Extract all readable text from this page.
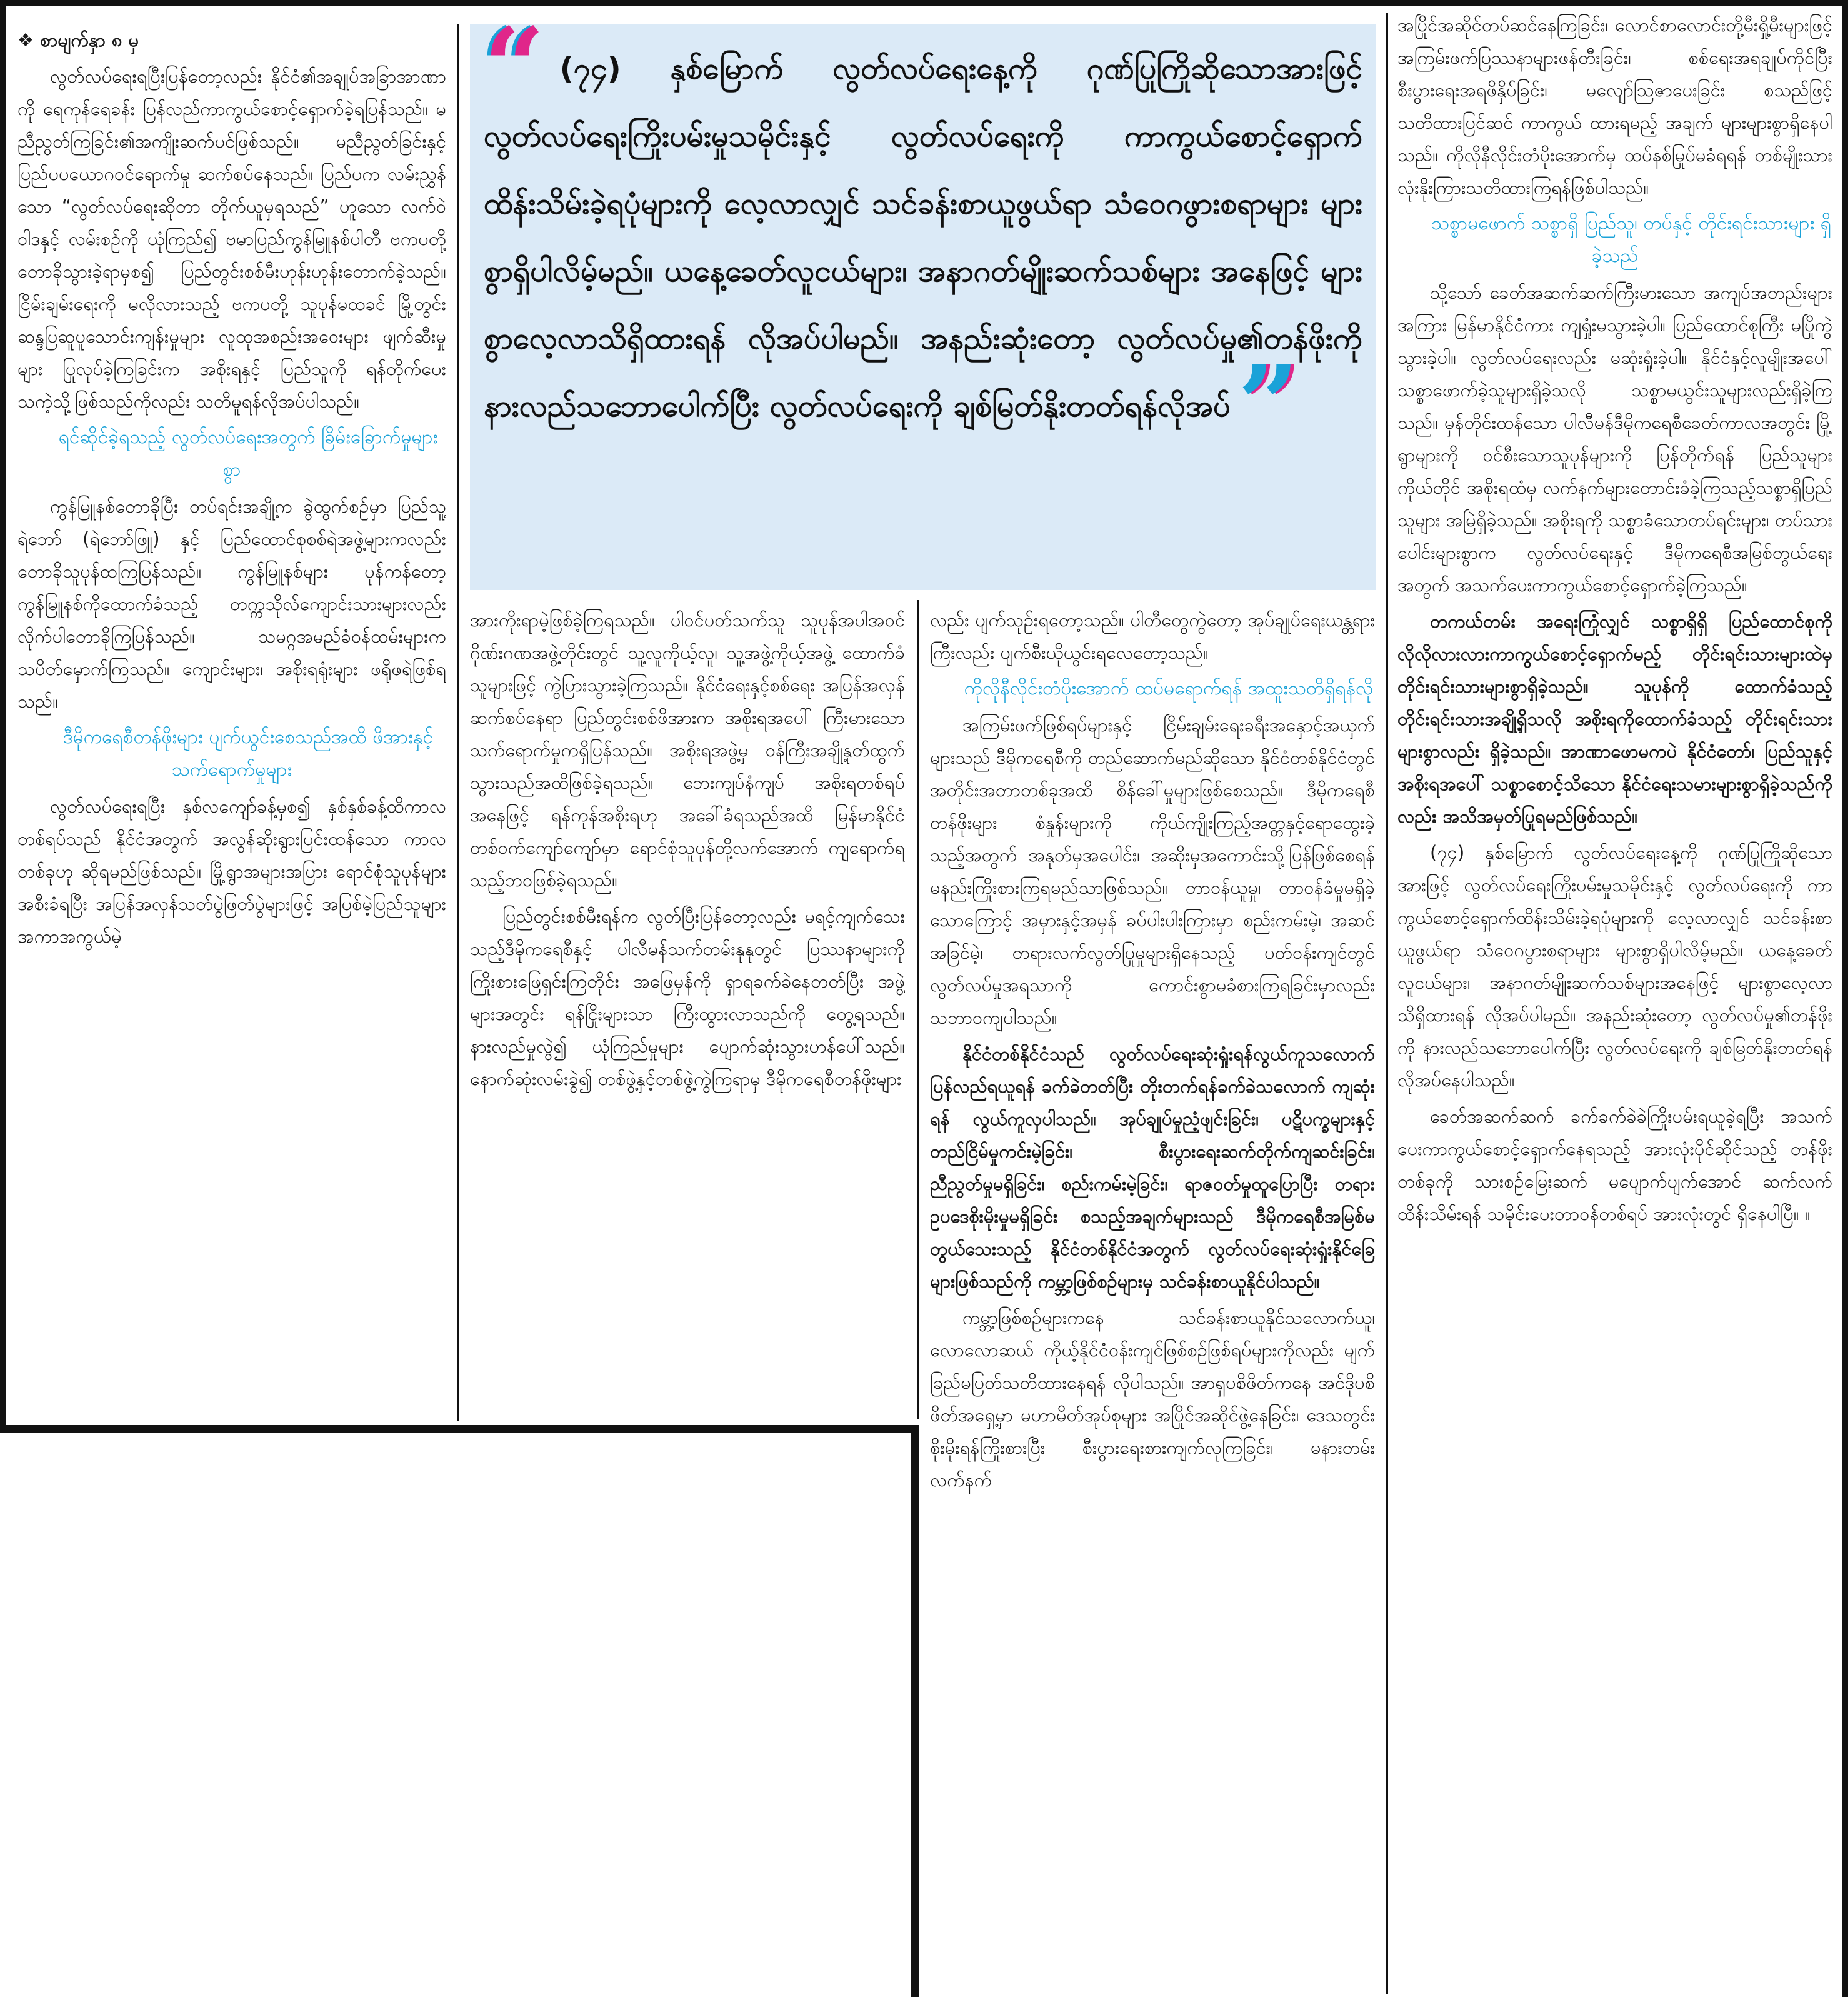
“ (၇၄) နှစ်မြောက် လွတ်လပ်ရေးနေ့ကို ဂုဏ်ပြုကြိုဆိုသောအားဖြင့် လွတ်လပ်ရေးကြိုးပမ်းမှုသမိုင်းနှင့် လွတ်လပ်ရေးကို ကာကွယ်စောင့်ရှောက်ထိန်းသိမ်းခဲ့ရပုံများကို လေ့လာလျှင် သင်ခန်းစာယူဖွယ်ရာ သံဝေဂဖွားစရာများ များစွာရှိပါလိမ့်မည်။ ယနေ့ခေတ်လူငယ်များ၊ အနာဂတ်မျိုးဆက်သစ်များ အနေဖြင့် များစွာလေ့လာသိရှိထားရန် လိုအပ်ပါမည်။ အနည်းဆုံးတော့ လွတ်လပ်မှု၏တန်ဖိုးကို နားလည်သဘောပေါက်ပြီး လွတ်လပ်ရေးကို ချစ်မြတ်နိုးတတ်ရန်လိုအပ်”

❖ စာမျက်နှာ ၈ မှ

လွတ်လပ်ရေးရပြီးပြန်တော့လည်း နိုင်ငံ၏အချုပ်အခြာအာဏာကို ရေကုန်ရေခန်း ပြန်လည်ကာကွယ်စောင့်ရှောက်ခဲ့ရပြန်သည်။ မညီညွတ်ကြခြင်း၏အကျိုးဆက်ပင်ဖြစ်သည်။ မညီညွတ်ခြင်းနှင့် ပြည်ပပယောဂဝင်ရောက်မှု ဆက်စပ်နေသည်။ ပြည်ပက လမ်းညွှန်သော “လွတ်လပ်ရေးဆိုတာ တိုက်ယူမှရသည်” ဟူသော လက်ဝဲဝါဒနှင့် လမ်းစဉ်ကို ယုံကြည်၍ ဗမာပြည်ကွန်မြူနစ်ပါတီ ဗကပတို့တောခိုသွားခဲ့ရာမှစ၍ ပြည်တွင်းစစ်မီးဟုန်းဟုန်းတောက်ခဲ့သည်။ ငြိမ်းချမ်းရေးကို မလိုလားသည့် ဗကပတို့ သူပုန်မထခင် မြို့တွင်းဆန္ဒပြဆူပူသောင်းကျန်းမှုများ လူထုအစည်းအဝေးများ ဖျက်ဆီးမှုများ ပြုလုပ်ခဲ့ကြခြင်းက အစိုးရနှင့် ပြည်သူကို ရန်တိုက်ပေးသကဲ့သို့ဖြစ်သည်ကိုလည်း သတိမူရန်လိုအပ်ပါသည်။

ရင်ဆိုင်ခဲ့ရသည့် လွတ်လပ်ရေးအတွက် ခြိမ်းခြောက်မှုများစွာ

ကွန်မြူနစ်တောခိုပြီး တပ်ရင်းအချို့က ခွဲထွက်စဉ်မှာ ပြည်သူ့ရဲဘော် (ရဲဘော်ဖြူ) နှင့် ပြည်ထောင်စုစစ်ရဲအဖွဲ့များကလည်း တောခိုသူပုန်ထကြပြန်သည်။ ကွန်မြူနစ်များ ပုန်ကန်တော့ ကွန်မြူနစ်ကိုထောက်ခံသည့် တက္ကသိုလ်ကျောင်းသားများလည်း လိုက်ပါတောခိုကြပြန်သည်။ သမဂ္ဂအမည်ခံဝန်ထမ်းများက သပိတ်မှောက်ကြသည်။ ကျောင်းများ၊ အစိုးရရုံးများ ဖရိုဖရဲဖြစ်ရသည်။

ဒီမိုကရေစီတန်ဖိုးများ ပျက်ယွင်းစေသည်အထိ ဖိအားနှင့်သက်ရောက်မှုများ

လွတ်လပ်ရေးရပြီး နှစ်လကျော်ခန့်မှစ၍ နှစ်နှစ်ခန့်ထိကာလတစ်ရပ်သည် နိုင်ငံအတွက် အလွန်ဆိုးရွားပြင်းထန်သော ကာလတစ်ခုဟု ဆိုရမည်ဖြစ်သည်။ မြို့ရွာအများအပြား ရောင်စုံသူပုန်များအစီးခံရပြီး အပြန်အလှန်သတ်ပွဲဖြတ်ပွဲများဖြင့် အပြစ်မဲ့ပြည်သူများ အကာအကွယ်မဲ့

အားကိုးရာမဲ့ဖြစ်ခဲ့ကြရသည်။ ပါဝင်ပတ်သက်သူ သူပုန်အပါအဝင် ဂိုဏ်းဂဏအဖွဲ့တိုင်းတွင် သူ့လူကိုယ့်လူ၊ သူ့အဖွဲ့ကိုယ့်အဖွဲ့ ထောက်ခံသူများဖြင့် ကွဲပြားသွားခဲ့ကြသည်။ နိုင်ငံရေးနှင့်စစ်ရေး အပြန်အလှန်ဆက်စပ်နေရာ ပြည်တွင်းစစ်ဖိအားက အစိုးရအပေါ် ကြီးမားသောသက်ရောက်မှုကရှိပြန်သည်။ အစိုးရအဖွဲ့မှ ဝန်ကြီးအချို့နုတ်ထွက်သွားသည်အထိဖြစ်ခဲ့ရသည်။ ဘေးကျပ်နံကျပ် အစိုးရတစ်ရပ်အနေဖြင့် ရန်ကုန်အစိုးရဟု အခေါ်ခံရသည်အထိ မြန်မာနိုင်ငံတစ်ဝက်ကျော်ကျော်မှာ ရောင်စုံသူပုန်တို့လက်အောက် ကျရောက်ရသည့်ဘဝဖြစ်ခဲ့ရသည်။

ပြည်တွင်းစစ်မီးရန်က လွတ်ပြီးပြန်တော့လည်း မရင့်ကျက်သေးသည့်ဒီမိုကရေစီနှင့် ပါလီမန်သက်တမ်းနုနုတွင် ပြဿနာများကို ကြိုးစားဖြေရှင်းကြတိုင်း အဖြေမှန်ကို ရှာရခက်ခဲနေတတ်ပြီး အဖွဲ့များအတွင်း ရန်ငြိုးများသာ ကြီးထွားလာသည်ကို တွေ့ရသည်။ နားလည်မှုလွဲ၍ ယုံကြည်မှုများ ပျောက်ဆုံးသွားဟန်ပေါ်သည်။ နောက်ဆုံးလမ်းခွဲ၍ တစ်ဖွဲ့နှင့်တစ်ဖွဲ့ကွဲကြရာမှ ဒီမိုကရေစီတန်ဖိုးများ

လည်း ပျက်သုဉ်းရတော့သည်။ ပါတီတွေကွဲတော့ အုပ်ချုပ်ရေးယန္တရားကြီးလည်း ပျက်စီးယိုယွင်းရလေတော့သည်။

ကိုလိုနီလိုင်းတံပိုးအောက် ထပ်မရောက်ရန် အထူးသတိရှိရန်လို

အကြမ်းဖက်ဖြစ်ရပ်များနှင့် ငြိမ်းချမ်းရေးခရီးအနှောင့်အယှက်များသည် ဒီမိုကရေစီကို တည်ဆောက်မည်ဆိုသော နိုင်ငံတစ်နိုင်ငံတွင် အတိုင်းအတာတစ်ခုအထိ စိန်ခေါ်မှုများဖြစ်စေသည်။ ဒီမိုကရေစီတန်ဖိုးများ စံနှုန်းများကို ကိုယ်ကျိုးကြည့်အတ္တနှင့်ရောထွေးခဲ့သည့်အတွက် အနုတ်မှအပေါင်း၊ အဆိုးမှအကောင်းသို့ပြန်ဖြစ်စေရန် မနည်းကြိုးစားကြရမည်သာဖြစ်သည်။ တာဝန်ယူမှု၊ တာဝန်ခံမှုမရှိခဲ့သောကြောင့် အမှားနှင့်အမှန် ခပ်ပါးပါးကြားမှာ စည်းကမ်းမဲ့၊ အဆင်အခြင်မဲ့၊ တရားလက်လွတ်ပြုမှုများရှိနေသည့် ပတ်ဝန်းကျင်တွင် လွတ်လပ်မှုအရသာကို ကောင်းစွာမခံစားကြရခြင်းမှာလည်း သဘာဝကျပါသည်။

နိုင်ငံတစ်နိုင်ငံသည် လွတ်လပ်ရေးဆုံးရှုံးရန်လွယ်ကူသလောက် ပြန်လည်ရယူရန် ခက်ခဲတတ်ပြီး တိုးတက်ရန်ခက်ခဲသလောက် ကျဆုံးရန် လွယ်ကူလှပါသည်။ အုပ်ချုပ်မှုညံ့ဖျင်းခြင်း၊ ပဋိပက္ခများနှင့် တည်ငြိမ်မှုကင်းမဲ့ခြင်း၊ စီးပွားရေးဆက်တိုက်ကျဆင်းခြင်း၊ ညီညွတ်မှုမရှိခြင်း၊ စည်းကမ်းမဲ့ခြင်း၊ ရာဇဝတ်မှုထူပြောပြီး တရားဥပဒေစိုးမိုးမှုမရှိခြင်း စသည့်အချက်များသည် ဒီမိုကရေစီအမြစ်မတွယ်သေးသည့် နိုင်ငံတစ်နိုင်ငံအတွက် လွတ်လပ်ရေးဆုံးရှုံးနိုင်ခြေများဖြစ်သည်ကို ကမ္ဘာ့ဖြစ်စဉ်များမှ သင်ခန်းစာယူနိုင်ပါသည်။

ကမ္ဘာ့ဖြစ်စဉ်များကနေ သင်ခန်းစာယူနိုင်သလောက်ယူ၊ လောလောဆယ် ကိုယ့်နိုင်ငံဝန်းကျင်ဖြစ်စဉ်ဖြစ်ရပ်များကိုလည်း မျက်ခြည်မပြတ်သတိထားနေရန် လိုပါသည်။ အာရှပစိဖိတ်ကနေ အင်ဒိုပစိဖိတ်အရှေ့မှာ မဟာမိတ်အုပ်စုများ အပြိုင်အဆိုင်ဖွဲ့နေခြင်း၊ ဒေသတွင်းစိုးမိုးရန်ကြိုးစားပြီး စီးပွားရေးစားကျက်လုကြခြင်း၊ မနားတမ်း လက်နက်

အပြိုင်အဆိုင်တပ်ဆင်နေကြခြင်း၊ လောင်စာလောင်းတို့မီးရှို့မီးများဖြင့် အကြမ်းဖက်ပြဿနာများဖန်တီးခြင်း၊ စစ်ရေးအရချုပ်ကိုင်ပြီး စီးပွားရေးအရဖိနှိပ်ခြင်း၊ မလျော်ဩဇာပေးခြင်း စသည်ဖြင့် သတိထားပြင်ဆင် ကာကွယ် ထားရမည့် အချက် များများစွာရှိနေပါ သည်။ ကိုလိုနီလိုင်းတံပိုးအောက်မှ ထပ်နစ်မြုပ်မခံရရန် တစ်မျိုးသားလုံးနိုးကြားသတိထားကြရန်ဖြစ်ပါသည်။

သစ္စာမဖောက် သစ္စာရှိ ပြည်သူ၊ တပ်နှင့် တိုင်းရင်းသားများ ရှိခဲ့သည်

သို့သော် ခေတ်အဆက်ဆက်ကြီးမားသော အကျပ်အတည်းများအကြား မြန်မာနိုင်ငံကား ကျရှုံးမသွားခဲ့ပါ။ ပြည်ထောင်စုကြီး မပြိုကွဲသွားခဲ့ပါ။ လွတ်လပ်ရေးလည်း မဆုံးရှုံးခဲ့ပါ။ နိုင်ငံနှင့်လူမျိုးအပေါ် သစ္စာဖောက်ခဲ့သူများရှိခဲ့သလို သစ္စာမယွင်းသူများလည်းရှိခဲ့ကြသည်။ မှန်တိုင်းထန်သော ပါလီမန်ဒီမိုကရေစီခေတ်ကာလအတွင်း မြို့ရွာများကို ဝင်စီးသောသူပုန်များကို ပြန်တိုက်ရန် ပြည်သူများကိုယ်တိုင် အစိုးရထံမှ လက်နက်များတောင်းခံခဲ့ကြသည့်သစ္စာရှိပြည်သူများ အမြဲရှိခဲ့သည်။ အစိုးရကို သစ္စာခံသောတပ်ရင်းများ၊ တပ်သားပေါင်းများစွာက လွတ်လပ်ရေးနှင့် ဒီမိုကရေစီအမြစ်တွယ်ရေးအတွက် အသက်ပေးကာကွယ်စောင့်ရှောက်ခဲ့ကြသည်။

တကယ်တမ်း အရေးကြုံလျှင် သစ္စာရှိရှိ ပြည်ထောင်စုကို လိုလိုလားလားကာကွယ်စောင့်ရှောက်မည့် တိုင်းရင်းသားများထဲမှ တိုင်းရင်းသားများစွာရှိခဲ့သည်။ သူပုန်ကို ထောက်ခံသည့်တိုင်းရင်းသားအချို့ရှိသလို အစိုးရကိုထောက်ခံသည့် တိုင်းရင်းသားများစွာလည်း ရှိခဲ့သည်။ အာဏာဖောမကပဲ နိုင်ငံတော်၊ ပြည်သူနှင့် အစိုးရအပေါ် သစ္စာစောင့်သိသော နိုင်ငံရေးသမားများစွာရှိခဲ့သည်ကိုလည်း အသိအမှတ်ပြုရမည်ဖြစ်သည်။

(၇၄) နှစ်မြောက် လွတ်လပ်ရေးနေ့ကို ဂုဏ်ပြုကြိုဆိုသောအားဖြင့် လွတ်လပ်ရေးကြိုးပမ်းမှုသမိုင်းနှင့် လွတ်လပ်ရေးကို ကာကွယ်စောင့်ရှောက်ထိန်းသိမ်းခဲ့ရပုံများကို လေ့လာလျှင် သင်ခန်းစာယူဖွယ်ရာ သံဝေဂပွားစရာများ များစွာရှိပါလိမ့်မည်။ ယနေ့ခေတ်လူငယ်များ၊ အနာဂတ်မျိုးဆက်သစ်များအနေဖြင့် များစွာလေ့လာသိရှိထားရန် လိုအပ်ပါမည်။ အနည်းဆုံးတော့ လွတ်လပ်မှု၏တန်ဖိုးကို နားလည်သဘောပေါက်ပြီး လွတ်လပ်ရေးကို ချစ်မြတ်နိုးတတ်ရန် လိုအပ်နေပါသည်။

ခေတ်အဆက်ဆက် ခက်ခက်ခဲခဲကြိုးပမ်းရယူခဲ့ရပြီး အသက်ပေးကာကွယ်စောင့်ရှောက်နေရသည့် အားလုံးပိုင်ဆိုင်သည့် တန်ဖိုးတစ်ခုကို သားစဉ်မြေးဆက် မပျောက်ပျက်အောင် ဆက်လက်ထိန်းသိမ်းရန် သမိုင်းပေးတာဝန်တစ်ရပ် အားလုံးတွင် ရှိနေပါပြီ။ ။
